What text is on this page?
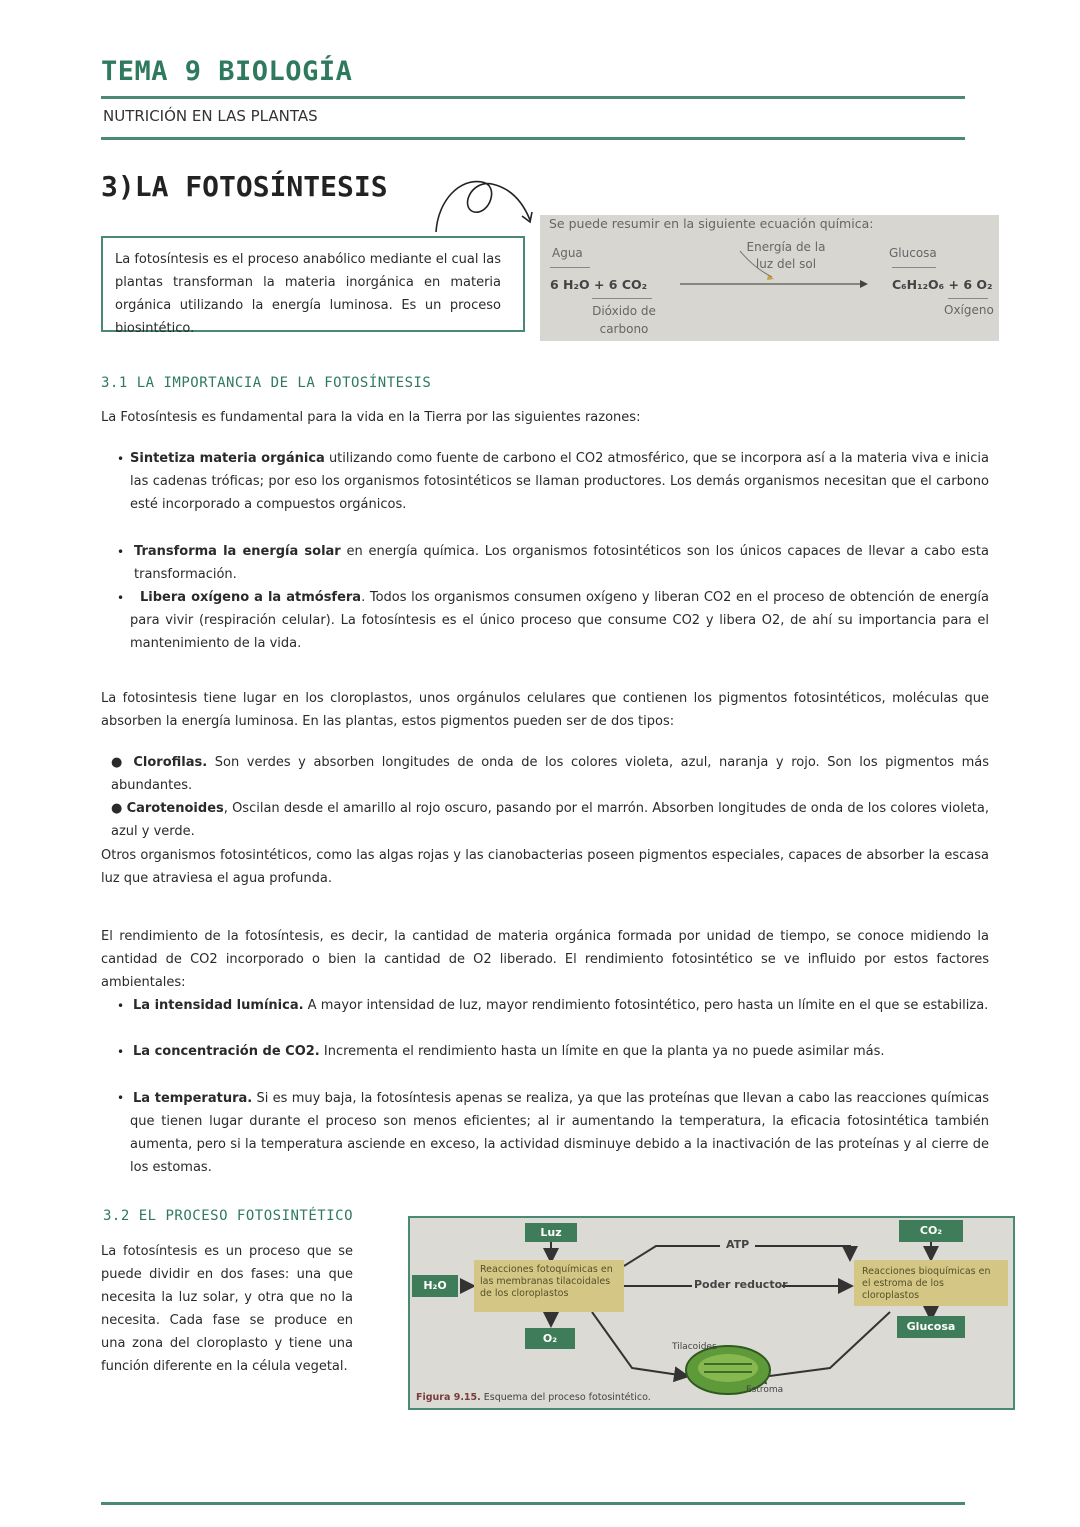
TEMA 9 BIOLOGÍA
NUTRICIÓN EN LAS PLANTAS
3)LA FOTOSÍNTESIS
La fotosíntesis es el proceso anabólico mediante el cual las plantas transforman la materia inorgánica en materia orgánica utilizando la energía luminosa. Es un proceso biosintético.
Se puede resumir en la siguiente ecuación química:
Agua	Energía de la luz del sol
Glucosa
6 H₂O + 6 CO₂	C₆H₁₂O₆ + 6 O₂
Dióxido de carbono
Oxígeno
3.1 LA IMPORTANCIA DE LA FOTOSÍNTESIS
La Fotosíntesis es fundamental para la vida en la Tierra por las siguientes razones:
• Sintetiza materia orgánica utilizando como fuente de carbono el CO2 atmosférico, que se incorpora así a la materia viva e inicia las cadenas tróficas; por eso los organismos fotosintéticos se llaman productores. Los demás organismos necesitan que el carbono esté incorporado a compuestos orgánicos.
• Transforma la energía solar en energía química. Los organismos fotosintéticos son los únicos capaces de llevar a cabo esta transformación.
•	Libera oxígeno a la atmósfera. Todos los organismos consumen oxígeno y liberan CO2 en el proceso de obtención de energía para vivir (respiración celular). La fotosíntesis es el único proceso que consume CO2 y libera O2, de ahí su importancia para el mantenimiento de la vida.
La fotosintesis tiene lugar en los cloroplastos, unos orgánulos celulares que contienen los pigmentos fotosintéticos, moléculas que absorben la energía luminosa. En las plantas, estos pigmentos pueden ser de dos tipos:
● Clorofilas. Son verdes y absorben longitudes de onda de los colores violeta, azul, naranja y rojo. Son los pigmentos más abundantes.
● Carotenoides, Oscilan desde el amarillo al rojo oscuro, pasando por el marrón. Absorben longitudes de onda de los colores violeta, azul y verde.
Otros organismos fotosintéticos, como las algas rojas y las cianobacterias poseen pigmentos especiales, capaces de absorber la escasa luz que atraviesa el agua profunda.
El rendimiento de la fotosíntesis, es decir, la cantidad de materia orgánica formada por unidad de tiempo, se conoce midiendo la cantidad de CO2 incorporado o bien la cantidad de O2 liberado. El rendimiento fotosintético se ve influido por estos factores ambientales:
• La intensidad lumínica. A mayor intensidad de luz, mayor rendimiento fotosintético, pero hasta un límite en el que se estabiliza.
• La concentración de CO2. Incrementa el rendimiento hasta un límite en que la planta ya no puede asimilar más.
• La temperatura. Si es muy baja, la fotosíntesis apenas se realiza, ya que las proteínas que llevan a cabo las reacciones químicas que tienen lugar durante el proceso son menos eficientes; al ir aumentando la temperatura, la eficacia fotosintética también aumenta, pero si la temperatura asciende en exceso, la actividad disminuye debido a la inactivación de las proteínas y al cierre de los estomas.
3.2 EL PROCESO FOTOSINTÉTICO
La fotosíntesis es un proceso que se puede dividir en dos fases: una que necesita la luz solar, y otra que no la necesita. Cada fase se produce en una zona del cloroplasto y tiene una función diferente en la célula vegetal.
Luz
H₂O
Reacciones fotoquímicas en las membranas tilacoidales de los cloroplastos
O₂
ATP
Poder reductor
CO₂
Reacciones bioquímicas en el estroma de los cloroplastos
Glucosa
Tilacoides
Estroma
Figura 9.15. Esquema del proceso fotosintético.
